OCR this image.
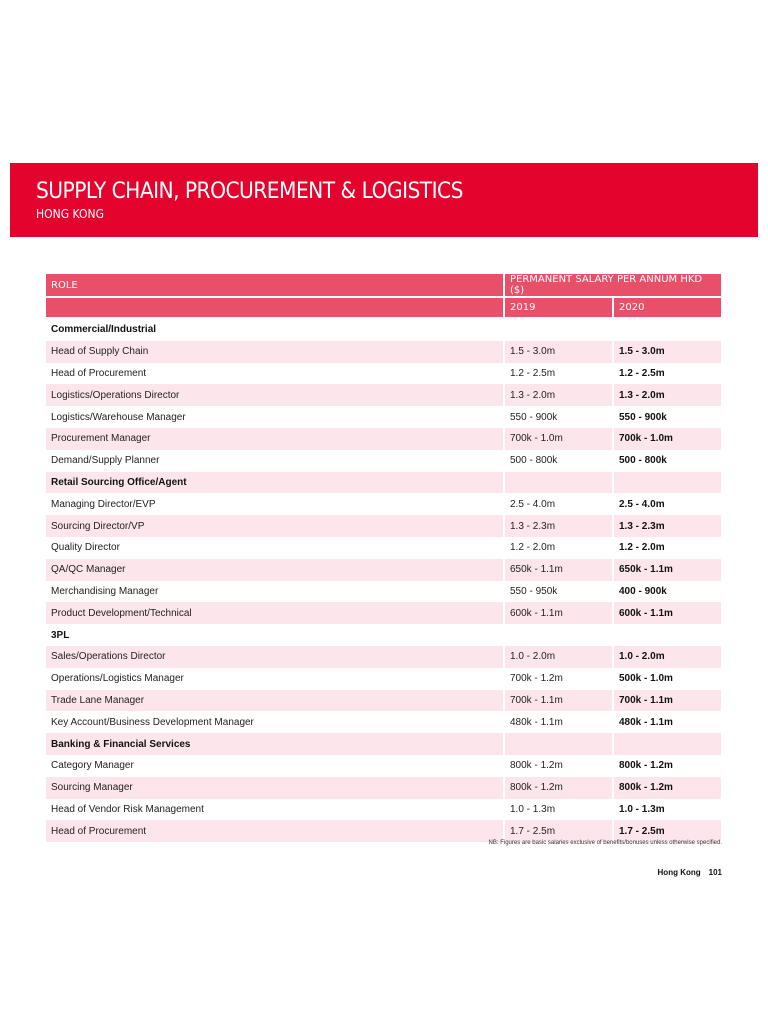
SUPPLY CHAIN, PROCUREMENT & LOGISTICS
HONG KONG
ROLE	PERMANENT SALARY PER ANNUM HKD ($)	
	2019	2020
Commercial/Industrial		
Head of Supply Chain	1.5 - 3.0m	1.5 - 3.0m
Head of Procurement	1.2 - 2.5m	1.2 - 2.5m
Logistics/Operations Director	1.3 - 2.0m	1.3 - 2.0m
Logistics/Warehouse Manager	550 - 900k	550 - 900k
Procurement Manager	700k - 1.0m	700k - 1.0m
Demand/Supply Planner	500 - 800k	500 - 800k
Retail Sourcing Office/Agent		
Managing Director/EVP	2.5 - 4.0m	2.5 - 4.0m
Sourcing Director/VP	1.3 - 2.3m	1.3 - 2.3m
Quality Director	1.2 - 2.0m	1.2 - 2.0m
QA/QC Manager	650k - 1.1m	650k - 1.1m
Merchandising Manager	550 - 950k	400 - 900k
Product Development/Technical	600k - 1.1m	600k - 1.1m
3PL		
Sales/Operations Director	1.0 - 2.0m	1.0 - 2.0m
Operations/Logistics Manager	700k - 1.2m	500k - 1.0m
Trade Lane Manager	700k - 1.1m	700k - 1.1m
Key Account/Business Development Manager	480k - 1.1m	480k - 1.1m
Banking & Financial Services		
Category Manager	800k - 1.2m	800k - 1.2m
Sourcing Manager	800k - 1.2m	800k - 1.2m
Head of Vendor Risk Management	1.0 - 1.3m	1.0 - 1.3m
Head of Procurement	1.7 - 2.5m	1.7 - 2.5m
NB: Figures are basic salaries exclusive of benefits/bonuses unless otherwise specified.
Hong Kong 101
